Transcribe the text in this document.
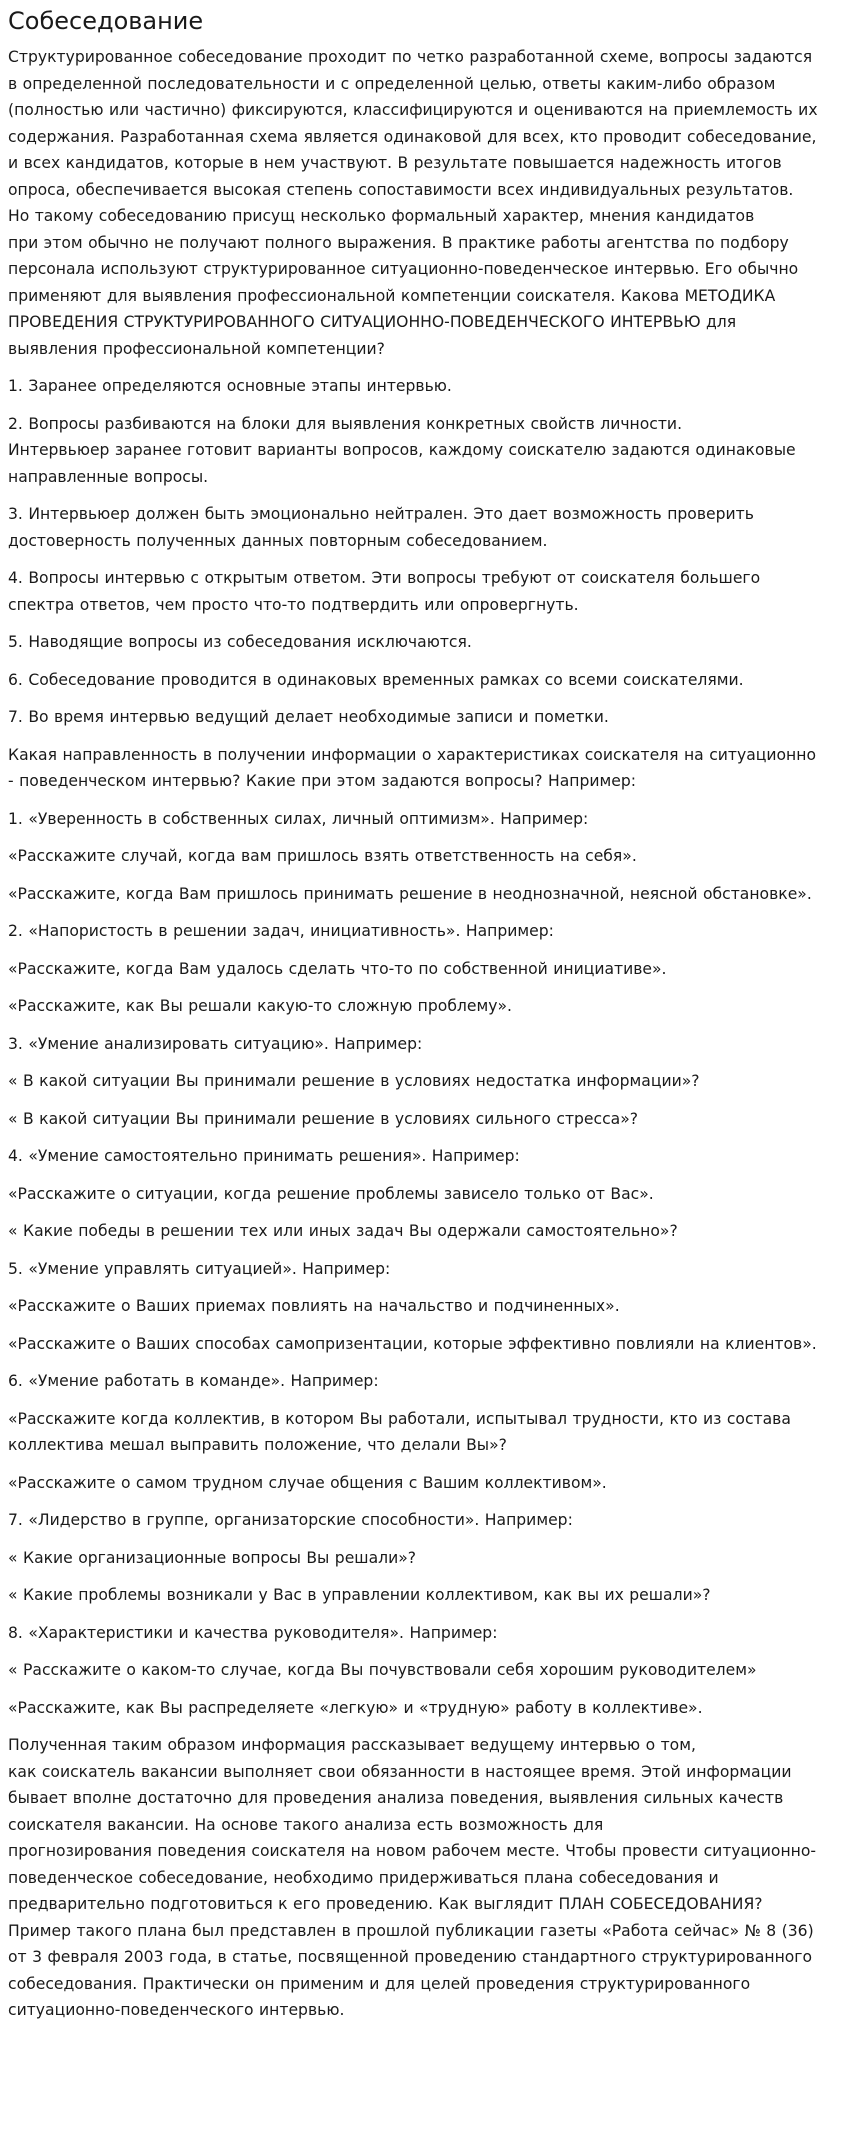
Собеседование

Структурированное собеседование проходит по четко разработанной схеме, вопросы задаются
в определенной последовательности и с определенной целью, ответы каким-либо образом
(полностью или частично) фиксируются, классифицируются и оцениваются на приемлемость их
содержания. Разработанная схема является одинаковой для всех, кто проводит собеседование,
и всех кандидатов, которые в нем участвуют. В результате повышается надежность итогов
опроса, обеспечивается высокая степень сопоставимости всех индивидуальных результатов.
Но такому собеседованию присущ несколько формальный характер, мнения кандидатов
при этом обычно не получают полного выражения. В практике работы агентства по подбору
персонала используют структурированное ситуационно-поведенческое интервью. Его обычно
применяют для выявления профессиональной компетенции соискателя. Какова МЕТОДИКА
ПРОВЕДЕНИЯ СТРУКТУРИРОВАННОГО СИТУАЦИОННО-ПОВЕДЕНЧЕСКОГО ИНТЕРВЬЮ для
выявления профессиональной компетенции?

1. Заранее определяются основные этапы интервью.

2. Вопросы разбиваются на блоки для выявления конкретных свойств личности.
Интервьюер заранее готовит варианты вопросов, каждому соискателю задаются одинаковые
направленные вопросы.

3. Интервьюер должен быть эмоционально нейтрален. Это дает возможность проверить
достоверность полученных данных повторным собеседованием.

4. Вопросы интервью с открытым ответом. Эти вопросы требуют от соискателя большего
спектра ответов, чем просто что-то подтвердить или опровергнуть.

5. Наводящие вопросы из собеседования исключаются.

6. Собеседование проводится в одинаковых временных рамках со всеми соискателями.

7. Во время интервью ведущий делает необходимые записи и пометки.

Какая направленность в получении информации о характеристиках соискателя на ситуационно
- поведенческом интервью? Какие при этом задаются вопросы? Например:

1. «Уверенность в собственных силах, личный оптимизм». Например:

«Расскажите случай, когда вам пришлось взять ответственность на себя».

«Расскажите, когда Вам пришлось принимать решение в неоднозначной, неясной обстановке».

2. «Напористость в решении задач, инициативность». Например:

«Расскажите, когда Вам удалось сделать что-то по собственной инициативе».

«Расскажите, как Вы решали какую-то сложную проблему».

3. «Умение анализировать ситуацию». Например:

« В какой ситуации Вы принимали решение в условиях недостатка информации»?

« В какой ситуации Вы принимали решение в условиях сильного стресса»?

4. «Умение самостоятельно принимать решения». Например:

«Расскажите о ситуации, когда решение проблемы зависело только от Вас».

« Какие победы в решении тех или иных задач Вы одержали самостоятельно»?

5. «Умение управлять ситуацией». Например:

«Расскажите о Ваших приемах повлиять на начальство и подчиненных».

«Расскажите о Ваших способах самопризентации, которые эффективно повлияли на клиентов».

6. «Умение работать в команде». Например:

«Расскажите когда коллектив, в котором Вы работали, испытывал трудности, кто из состава
коллектива мешал выправить положение, что делали Вы»?

«Расскажите о самом трудном случае общения с Вашим коллективом».

7. «Лидерство в группе, организаторские способности». Например:

« Какие организационные вопросы Вы решали»?

« Какие проблемы возникали у Вас в управлении коллективом, как вы их решали»?

8. «Характеристики и качества руководителя». Например:

« Расскажите о каком-то случае, когда Вы почувствовали себя хорошим руководителем»

«Расскажите, как Вы распределяете «легкую» и «трудную» работу в коллективе».

Полученная таким образом информация рассказывает ведущему интервью о том,
как соискатель вакансии выполняет свои обязанности в настоящее время. Этой информации
бывает вполне достаточно для проведения анализа поведения, выявления сильных качеств
соискателя вакансии. На основе такого анализа есть возможность для
прогнозирования поведения соискателя на новом рабочем месте. Чтобы провести ситуационно-
поведенческое собеседование, необходимо придерживаться плана собеседования и
предварительно подготовиться к его проведению. Как выглядит ПЛАН СОБЕСЕДОВАНИЯ?
Пример такого плана был представлен в прошлой публикации газеты «Работа сейчас» № 8 (36)
от 3 февраля 2003 года, в статье, посвященной проведению стандартного структурированного
собеседования. Практически он применим и для целей проведения структурированного
ситуационно-поведенческого интервью.
